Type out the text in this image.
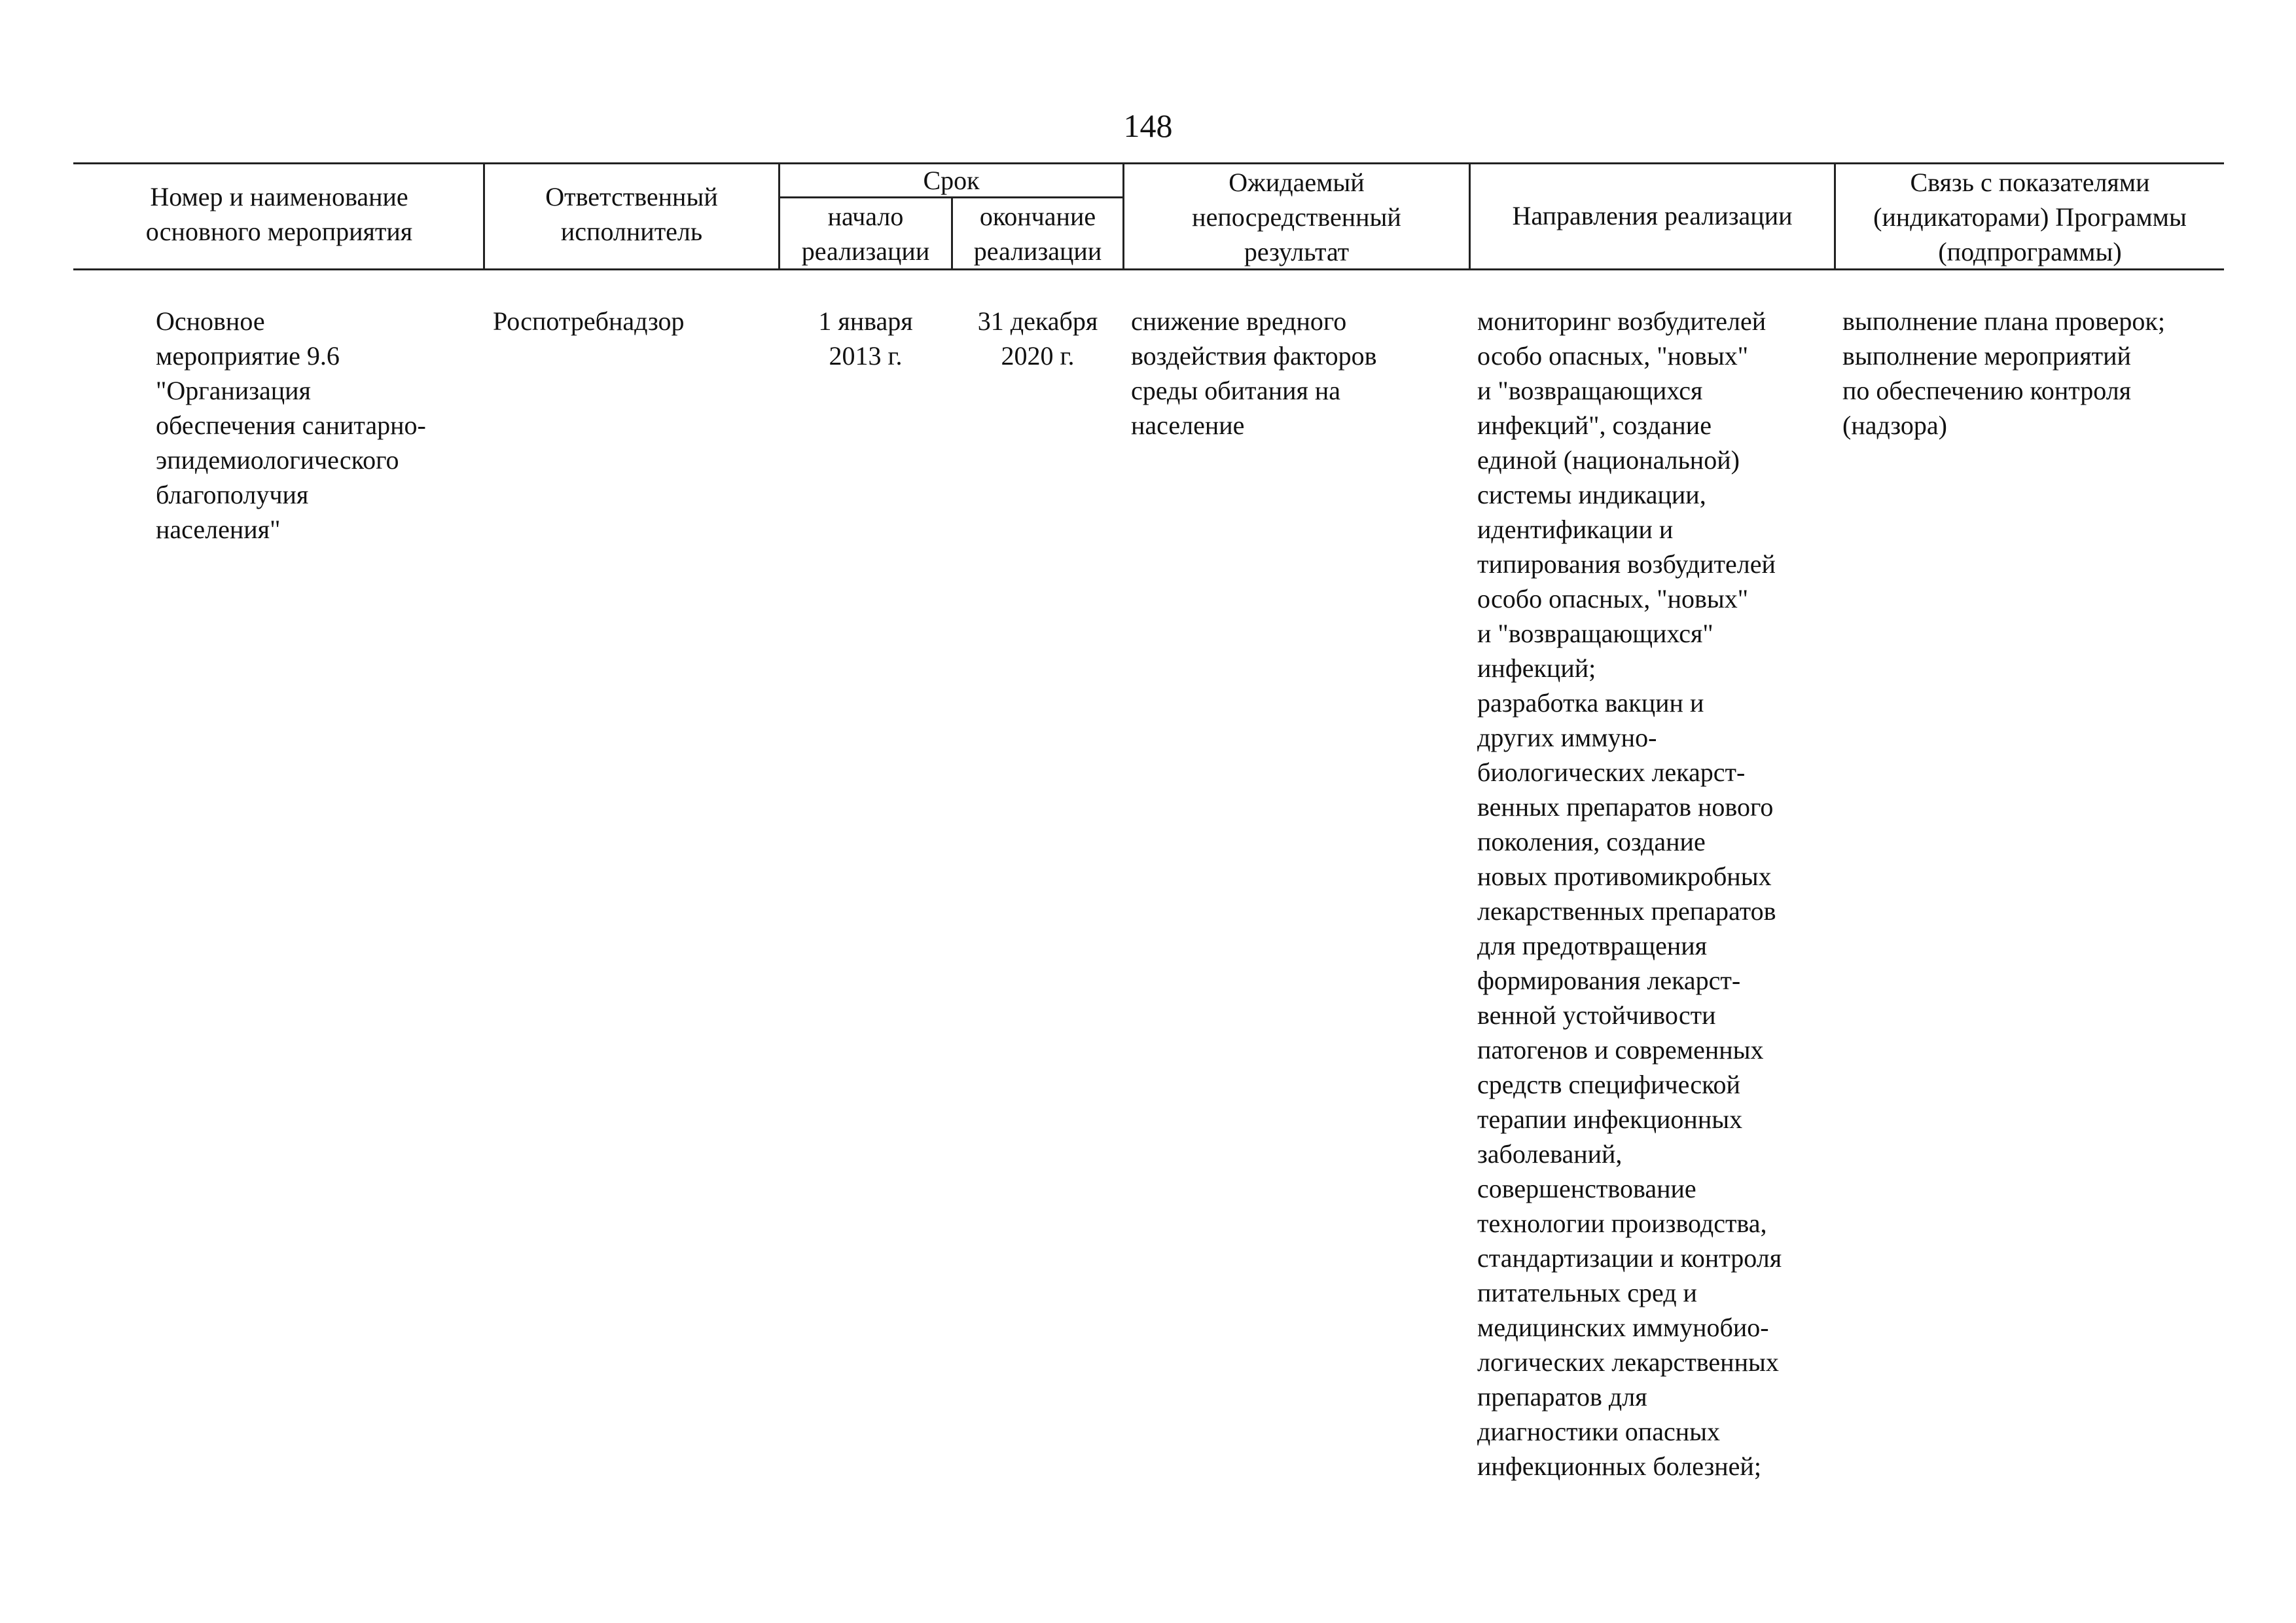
148
Номер и наименование
основного мероприятия
Ответственный
исполнитель
Срок
начало
реализации
окончание
реализации
Ожидаемый
непосредственный
результат
Направления реализации
Связь с показателями
(индикаторами) Программы
(подпрограммы)
Основное
мероприятие 9.6
"Организация
обеспечения санитарно-
эпидемиологического
благополучия
населения"
Роспотребнадзор	1 января
2013 г.
31 декабря
2020 г.
снижение вредного
воздействия факторов
среды обитания на
население
мониторинг возбудителей
особо опасных, "новых"
и "возвращающихся
инфекций", создание
единой (национальной)
системы индикации,
идентификации и
типирования возбудителей
особо опасных, "новых"
и "возвращающихся"
инфекций;
разработка вакцин и
других иммуно-
биологических лекарст-
венных препаратов нового
поколения, создание
новых противомикробных
лекарственных препаратов
для предотвращения
формирования лекарст-
венной устойчивости
патогенов и современных
средств специфической
терапии инфекционных
заболеваний,
совершенствование
технологии производства,
стандартизации и контроля
питательных сред и
медицинских иммунобио-
логических лекарственных
препаратов для
диагностики опасных
инфекционных болезней;
выполнение плана проверок;
выполнение мероприятий
по обеспечению контроля
(надзора)
